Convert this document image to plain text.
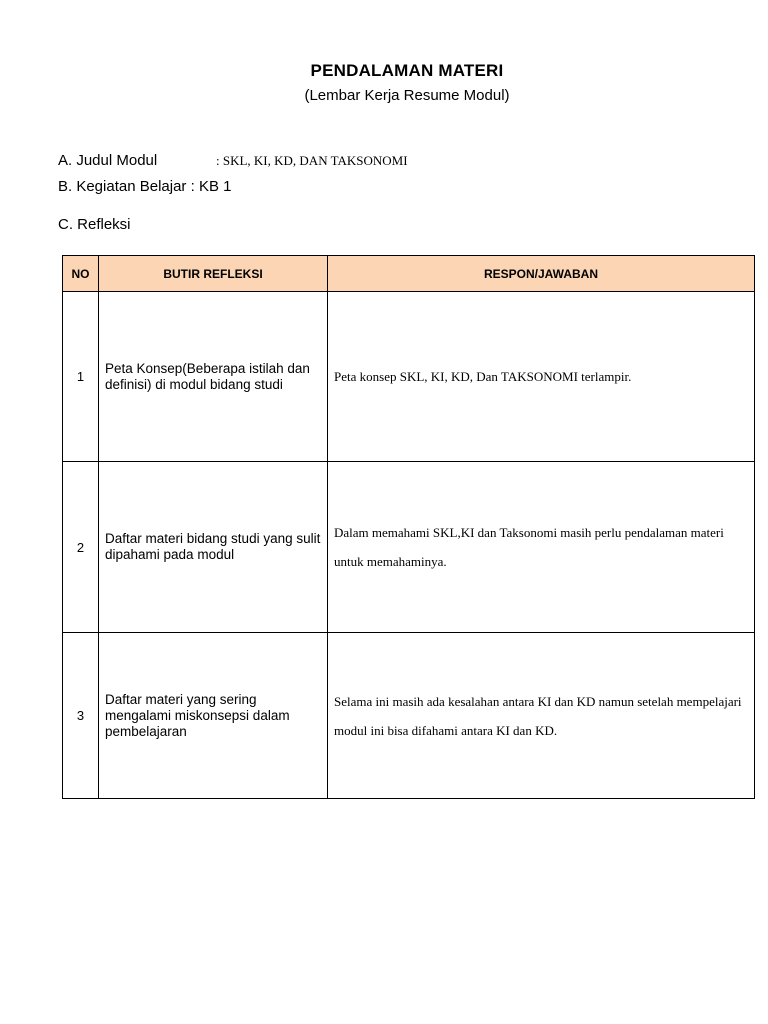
PENDALAMAN MATERI
(Lembar Kerja Resume Modul)
A. Judul Modul	: SKL, KI, KD, DAN TAKSONOMI
B. Kegiatan Belajar : KB 1
C. Refleksi
NO	BUTIR REFLEKSI	RESPON/JAWABAN
1	Peta Konsep(Beberapa istilah dan definisi) di modul bidang studi	Peta konsep SKL, KI, KD, Dan TAKSONOMI terlampir.
2	Daftar materi bidang studi yang sulit dipahami pada modul	Dalam memahami SKL,KI dan Taksonomi masih perlu pendalaman materi untuk memahaminya.
3	Daftar materi yang sering mengalami miskonsepsi dalam pembelajaran	Selama ini masih ada kesalahan antara KI dan KD namun setelah mempelajari modul ini bisa difahami antara KI dan KD.
